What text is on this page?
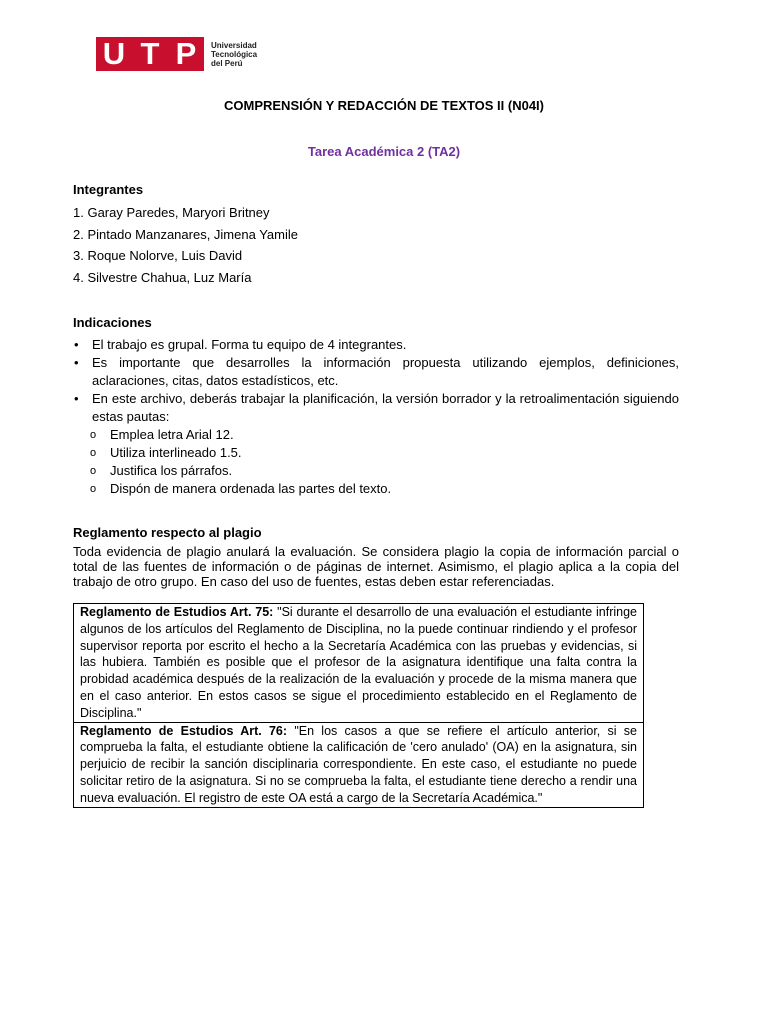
U T P	Universidad
Tecnológica
del Perú
COMPRENSIÓN Y REDACCIÓN DE TEXTOS II (N04I)
Tarea Académica 2 (TA2)
Integrantes
1. Garay Paredes, Maryori Britney
2. Pintado Manzanares, Jimena Yamile
3. Roque Nolorve, Luis David
4. Silvestre Chahua, Luz María
Indicaciones
• El trabajo es grupal. Forma tu equipo de 4 integrantes.
• Es importante que desarrolles la información propuesta utilizando ejemplos, definiciones, aclaraciones, citas, datos estadísticos, etc.
• En este archivo, deberás trabajar la planificación, la versión borrador y la retroalimentación siguiendo estas pautas:
o Emplea letra Arial 12.
o Utiliza interlineado 1.5.
o Justifica los párrafos.
o Dispón de manera ordenada las partes del texto.
Reglamento respecto al plagio
Toda evidencia de plagio anulará la evaluación. Se considera plagio la copia de información parcial o total de las fuentes de información o de páginas de internet. Asimismo, el plagio aplica a la copia del trabajo de otro grupo. En caso del uso de fuentes, estas deben estar referenciadas.
Reglamento de Estudios Art. 75: "Si durante el desarrollo de una evaluación el estudiante infringe algunos de los artículos del Reglamento de Disciplina, no la puede continuar rindiendo y el profesor supervisor reporta por escrito el hecho a la Secretaría Académica con las pruebas y evidencias, si las hubiera. También es posible que el profesor de la asignatura identifique una falta contra la probidad académica después de la realización de la evaluación y procede de la misma manera que en el caso anterior. En estos casos se sigue el procedimiento establecido en el Reglamento de Disciplina."
Reglamento de Estudios Art. 76: "En los casos a que se refiere el artículo anterior, si se comprueba la falta, el estudiante obtiene la calificación de 'cero anulado' (OA) en la asignatura, sin perjuicio de recibir la sanción disciplinaria correspondiente. En este caso, el estudiante no puede solicitar retiro de la asignatura. Si no se comprueba la falta, el estudiante tiene derecho a rendir una nueva evaluación. El registro de este OA está a cargo de la Secretaría Académica."
